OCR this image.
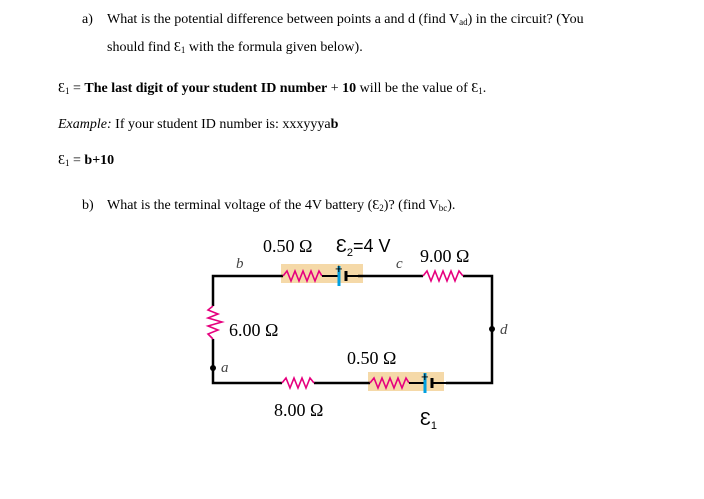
a) What is the potential difference between points a and d (find $V_{ad}$) in the circuit? (You
should find $Ɛ_1$ with the formula given below).
$Ɛ_1$ = The last digit of your student ID number + 10 will be the value of $Ɛ_1$.
Example: If your student ID number is: xxxyyyab
$Ɛ_1 = b+10$
b) What is the terminal voltage of the 4V battery $(Ɛ_2)$? (find $V_{bc}$).
0.50 Ω $Ɛ_2=4$ V 9.00 Ω
+
6.00 Ω
0.50 Ω
+
8.00 Ω	$Ɛ_1$
a
b	c
d
